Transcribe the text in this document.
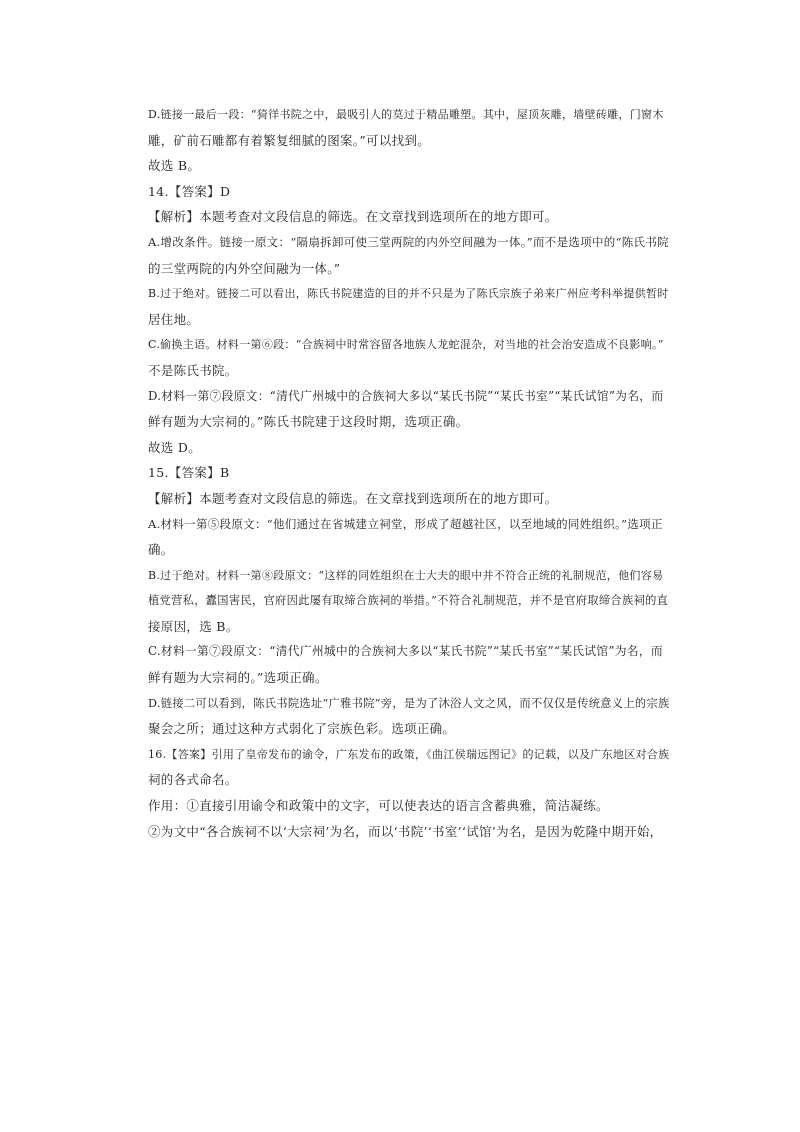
D.链接一最后一段：“猗徉书院之中，最吸引人的莫过于精品雕塑。其中，屋顶灰雕，墙壁砖雕，门窗木
雕，矿前石雕都有着繁复细腻的图案。”可以找到。
故选 B。
14.【答案】D
【解析】本题考查对文段信息的筛选。在文章找到选项所在的地方即可。
A.增改条件。链接一原文：“隔扇拆卸可使三堂两院的内外空间融为一体。”而不是选项中的“陈氏书院
的三堂两院的内外空间融为一体。”
B.过于绝对。链接二可以看出，陈氏书院建造的目的并不只是为了陈氏宗族子弟来广州应考科举提供暂时
居住地。
C.偷换主语。材料一第⑥段：“合族祠中时常容留各地族人龙蛇混杂，对当地的社会治安造成不良影响。”
不是陈氏书院。
D.材料一第⑦段原文：“清代广州城中的合族祠大多以“某氏书院”“某氏书室”“某氏试馆”为名，而
鲜有题为大宗祠的。”陈氏书院建于这段时期，选项正确。
故选 D。
15.【答案】B
【解析】本题考查对文段信息的筛选。在文章找到选项所在的地方即可。
A.材料一第⑤段原文：“他们通过在省城建立祠堂，形成了超越社区，以至地域的同姓组织。”选项正
确。
B.过于绝对。材料一第⑧段原文：“这样的同姓组织在士大夫的眼中并不符合正统的礼制规范，他们容易
植党营私，蠹国害民，官府因此屡有取缔合族祠的举措。”不符合礼制规范，并不是官府取缔合族祠的直
接原因，选 B。
C.材料一第⑦段原文：“清代广州城中的合族祠大多以“某氏书院”“某氏书室”“某氏试馆”为名，而
鲜有题为大宗祠的。”选项正确。
D.链接二可以看到，陈氏书院选址“广雅书院”旁，是为了沐浴人文之风，而不仅仅是传统意义上的宗族
聚会之所；通过这种方式弱化了宗族色彩。选项正确。
16.【答案】引用了皇帝发布的谕令，广东发布的政策，《曲江侯瑞远图记》的记载，以及广东地区对合族
祠的各式命名。
作用：①直接引用谕令和政策中的文字，可以使表达的语言含蓄典雅，简洁凝练。
②为文中“各合族祠不以‘大宗祠’为名，而以‘书院’‘书室’‘试馆’为名，是因为乾隆中期开始，
